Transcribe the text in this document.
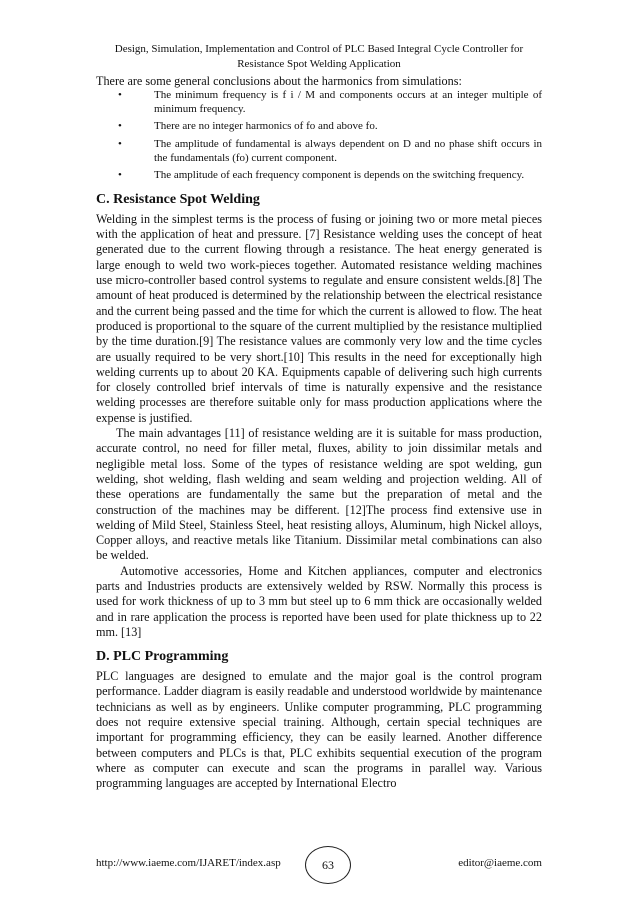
Design, Simulation, Implementation and Control of PLC Based Integral Cycle Controller for
Resistance Spot Welding Application

There are some general conclusions about the harmonics from simulations:

•	The minimum frequency is f i / M and components occurs at an integer multiple of minimum frequency.
•	There are no integer harmonics of fo and above fo.
•	The amplitude of fundamental is always dependent on D and no phase shift occurs in the fundamentals (fo) current component.
•	The amplitude of each frequency component is depends on the switching frequency.
C. Resistance Spot Welding

Welding in the simplest terms is the process of fusing or joining two or more metal pieces with the application of heat and pressure. [7] Resistance welding uses the concept of heat generated due to the current flowing through a resistance. The heat energy generated is large enough to weld two work-pieces together. Automated resistance welding machines use micro-controller based control systems to regulate and ensure consistent welds.[8] The amount of heat produced is determined by the relationship between the electrical resistance and the current being passed and the time for which the current is allowed to flow. The heat produced is proportional to the square of the current multiplied by the resistance multiplied by the time duration.[9] The resistance values are commonly very low and the time cycles are usually required to be very short.[10] This results in the need for exceptionally high welding currents up to about 20 KA. Equipments capable of delivering such high currents for closely controlled brief intervals of time is naturally expensive and the resistance welding processes are therefore suitable only for mass production applications where the expense is justified.

The main advantages [11] of resistance welding are it is suitable for mass production, accurate control, no need for filler metal, fluxes, ability to join dissimilar metals and negligible metal loss. Some of the types of resistance welding are spot welding, gun welding, shot welding, flash welding and seam welding and projection welding. All of these operations are fundamentally the same but the preparation of metal and the construction of the machines may be different. [12]The process find extensive use in welding of Mild Steel, Stainless Steel, heat resisting alloys, Aluminum, high Nickel alloys, Copper alloys, and reactive metals like Titanium. Dissimilar metal combinations can also be welded.

Automotive accessories, Home and Kitchen appliances, computer and electronics parts and Industries products are extensively welded by RSW. Normally this process is used for work thickness of up to 3 mm but steel up to 6 mm thick are occasionally welded and in rare application the process is reported have been used for plate thickness up to 22 mm. [13]

D. PLC Programming

PLC languages are designed to emulate and the major goal is the control program performance. Ladder diagram is easily readable and understood worldwide by maintenance technicians as well as by engineers. Unlike computer programming, PLC programming does not require extensive special training. Although, certain special techniques are important for programming efficiency, they can be easily learned. Another difference between computers and PLCs is that, PLC exhibits sequential execution of the program where as computer can execute and scan the programs in parallel way. Various programming languages are accepted by International Electro

http://www.iaeme.com/IJARET/index.asp	63	editor@iaeme.com
